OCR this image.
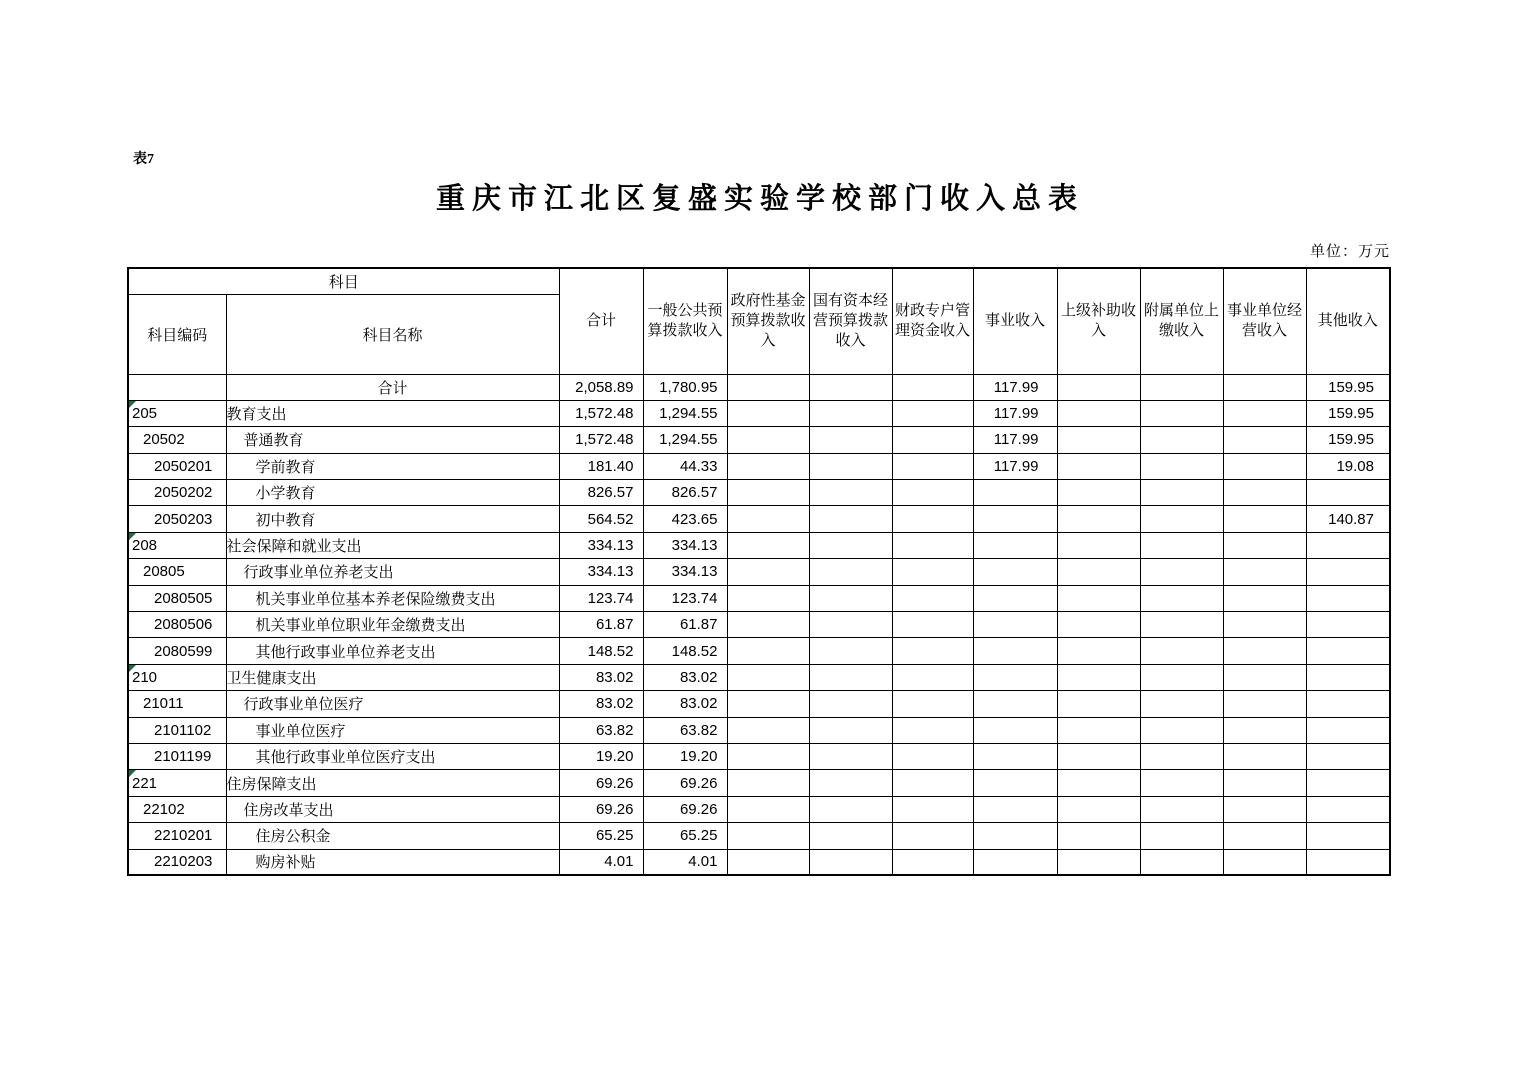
表7
重庆市江北区复盛实验学校部门收入总表
单位：万元
科目		合计	一般公共预算拨款收入	政府性基金预算拨款收入	国有资本经营预算拨款收入	财政专户管理资金收入	事业收入	上级补助收入	附属单位上缴收入	事业单位经营收入	其他收入
科目编码	科目名称										
	合计	2,058.89	1,780.95				117.99				159.95

205	教育支出	1,572.48	1,294.55				117.99				159.95
20502	普通教育	1,572.48	1,294.55				117.99				159.95
2050201	学前教育	181.40	44.33				117.99				19.08
2050202	小学教育	826.57	826.57								
2050203	初中教育	564.52	423.65								140.87

208	社会保障和就业支出	334.13	334.13								
20805	行政事业单位养老支出	334.13	334.13								
2080505	机关事业单位基本养老保险缴费支出	123.74	123.74								
2080506	机关事业单位职业年金缴费支出	61.87	61.87								
2080599	其他行政事业单位养老支出	148.52	148.52								

210	卫生健康支出	83.02	83.02								
21011	行政事业单位医疗	83.02	83.02								
2101102	事业单位医疗	63.82	63.82								
2101199	其他行政事业单位医疗支出	19.20	19.20								

221	住房保障支出	69.26	69.26								
22102	住房改革支出	69.26	69.26								
2210201	住房公积金	65.25	65.25								
2210203	购房补贴	4.01	4.01								
